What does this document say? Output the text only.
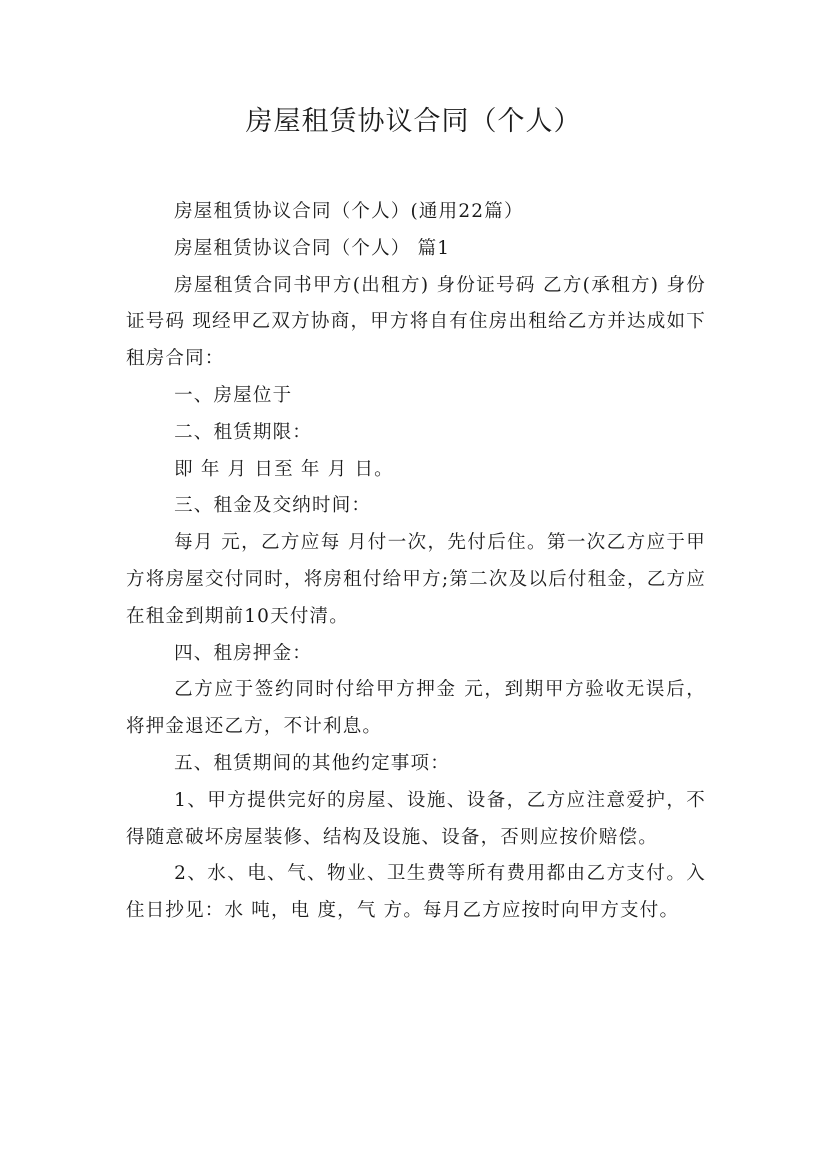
房屋租赁协议合同（个人）

房屋租赁协议合同（个人）(通用22篇）

房屋租赁协议合同（个人） 篇1

房屋租赁合同书甲方(出租方) 身份证号码 乙方(承租方) 身份证号码 现经甲乙双方协商，甲方将自有住房出租给乙方并达成如下租房合同：

一、房屋位于

二、租赁期限：

即 年 月 日至 年 月 日。

三、租金及交纳时间：

每月 元，乙方应每 月付一次，先付后住。第一次乙方应于甲方将房屋交付同时，将房租付给甲方;第二次及以后付租金，乙方应在租金到期前10天付清。

四、租房押金：

乙方应于签约同时付给甲方押金 元，到期甲方验收无误后，将押金退还乙方，不计利息。

五、租赁期间的其他约定事项：

1、甲方提供完好的房屋、设施、设备，乙方应注意爱护，不得随意破坏房屋装修、结构及设施、设备，否则应按价赔偿。

2、水、电、气、物业、卫生费等所有费用都由乙方支付。入住日抄见：水 吨，电 度，气 方。每月乙方应按时向甲方支付。
